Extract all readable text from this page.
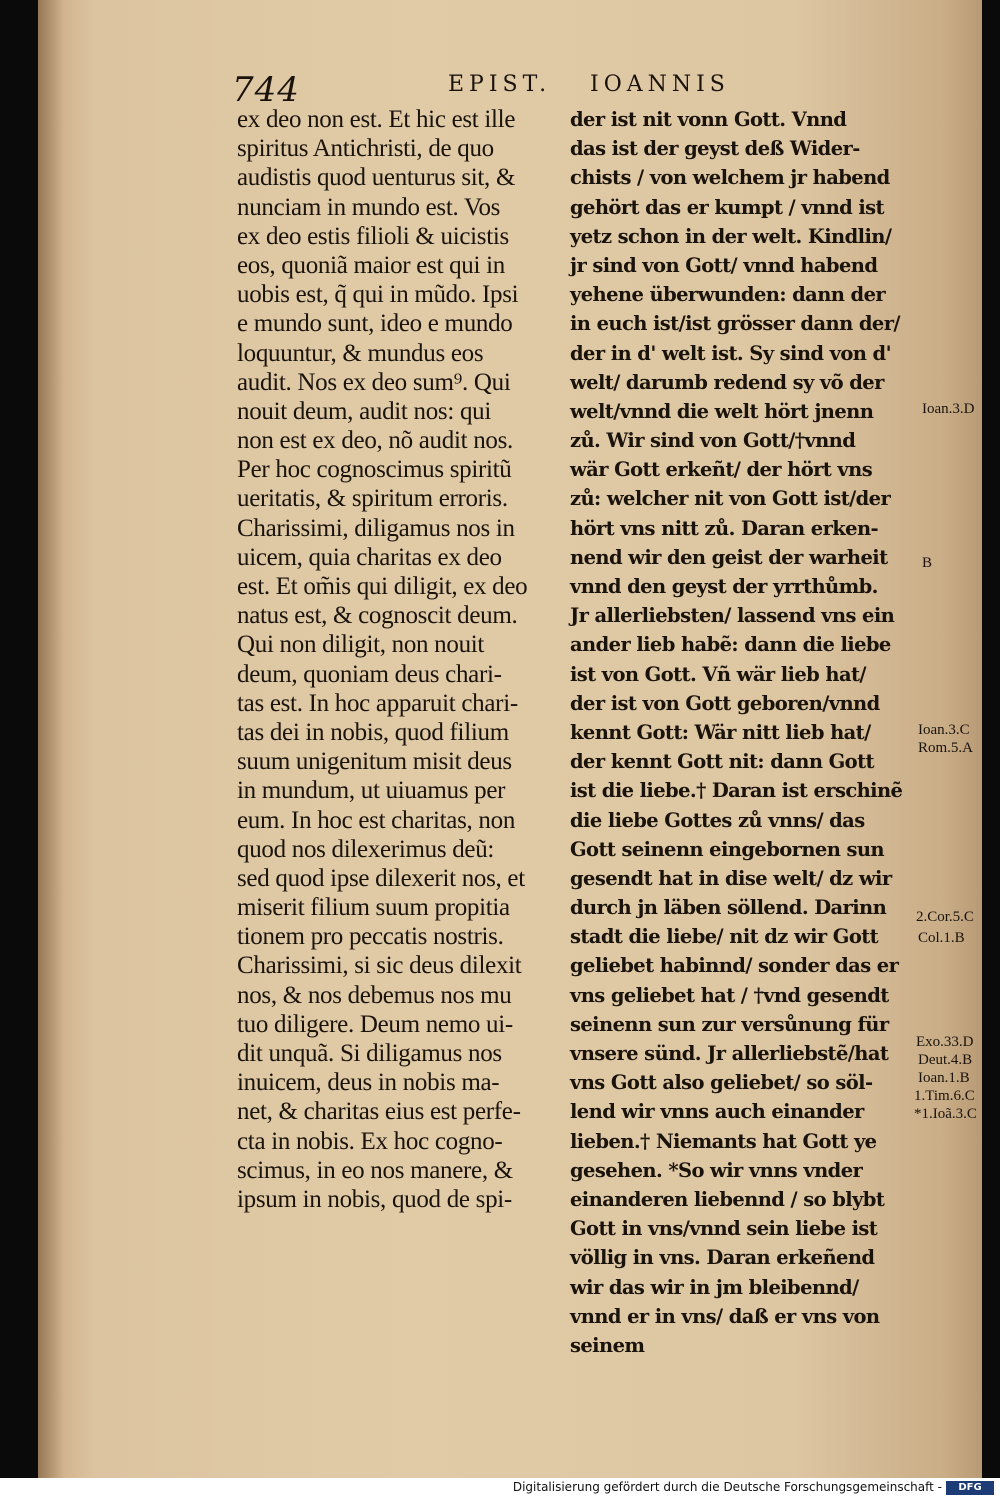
744	EPIST. IOANNIS
ex deo non est. Et hic est ille
spiritus Antichristi, de quo
audistis quod uenturus sit, &
nunciam in mundo est. Vos
ex deo estis filioli & uicistis
eos, quoniã maior est qui in
uobis est, q̃ qui in mũdo. Ipsi
e mundo sunt, ideo e mundo
loquuntur, & mundus eos
audit. Nos ex deo sum⁹. Qui
nouit deum, audit nos: qui
non est ex deo, nõ audit nos.
Per hoc cognoscimus spiritũ
ueritatis, & spiritum erroris.
Charissimi, diligamus nos in
uicem, quia charitas ex deo
est. Et om̃is qui diligit, ex deo
natus est, & cognoscit deum.
Qui non diligit, non nouit
deum, quoniam deus chari-
tas est. In hoc apparuit chari-
tas dei in nobis, quod filium
suum unigenitum misit deus
in mundum, ut uiuamus per
eum. In hoc est charitas, non
quod nos dilexerimus deũ:
sed quod ipse dilexerit nos, et
miserit filium suum propitia
tionem pro peccatis nostris.
Charissimi, si sic deus dilexit
nos, & nos debemus nos mu
tuo diligere. Deum nemo ui-
dit unquã. Si diligamus nos
inuicem, deus in nobis ma-
net, & charitas eius est perfe-
cta in nobis. Ex hoc cogno-
scimus, in eo nos manere, &
ipsum in nobis, quod de spi-
der ist nit vonn Gott. Vnnd
das ist der geyst deß Wider-
chists / von welchem jr habend
gehört das er kumpt / vnnd ist
yetz schon in der welt. Kindlin/
jr sind von Gott/ vnnd habend
yehene überwunden: dann der
in euch ist/ist grösser dann der/
der in d' welt ist. Sy sind von d'
welt/ darumb redend sy võ der
welt/vnnd die welt hört jnenn
zů. Wir sind von Gott/†vnnd
wär Gott erkeñt/ der hört vns
zů: welcher nit von Gott ist/der
hört vns nitt zů. Daran erken-
nend wir den geist der warheit
vnnd den geyst der yrrthůmb.
Jr allerliebsten/ lassend vns ein
ander lieb habẽ: dann die liebe
ist von Gott. Vñ wär lieb hat/
der ist von Gott geboren/vnnd
kennt Gott: Wär nitt lieb hat/
der kennt Gott nit: dann Gott
ist die liebe.† Daran ist erschinẽ
die liebe Gottes zů vnns/ das
Gott seinenn eingebornen sun
gesendt hat in dise welt/ dz wir
durch jn läben söllend. Darinn
stadt die liebe/ nit dz wir Gott
geliebet habinnd/ sonder das er
vns geliebet hat / †vnd gesendt
seinenn sun zur versůnung für
vnsere sünd. Jr allerliebstẽ/hat
vns Gott also geliebet/ so söl-
lend wir vnns auch einander
lieben.† Niemants hat Gott ye
gesehen. *So wir vnns vnder
einanderen liebennd / so blybt
Gott in vns/vnnd sein liebe ist
völlig in vns. Daran erkeñend
wir das wir in jm bleibennd/
vnnd er in vns/ daß er vns von
seinem
Ioan.3.D
B
Ioan.3.C
Rom.5.A
2.Cor.5.C
Col.1.B
Exo.33.D
Deut.4.B
Ioan.1.B
1.Tim.6.C
*1.Ioã.3.C
Digitalisierung gefördert durch die Deutsche Forschungsgemeinschaft -	DFG
